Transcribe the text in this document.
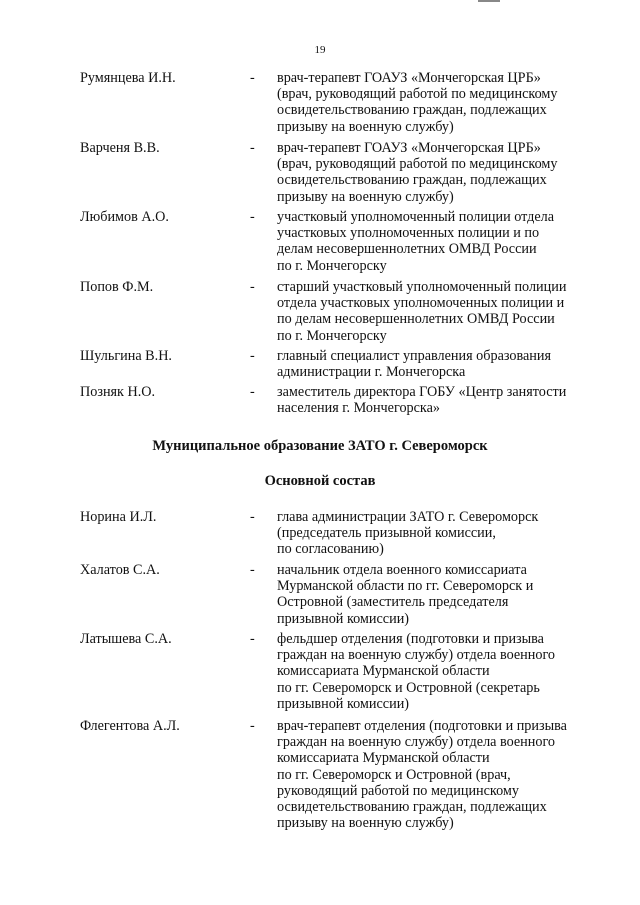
19
Румянцева И.Н.	-	врач-терапевт ГОАУЗ «Мончегорская ЦРБ»
(врач, руководящий работой по медицинскому
освидетельствованию граждан, подлежащих
призыву на военную службу)
Варченя В.В.	-	врач-терапевт ГОАУЗ «Мончегорская ЦРБ»
(врач, руководящий работой по медицинскому
освидетельствованию граждан, подлежащих
призыву на военную службу)
Любимов А.О.	-	участковый уполномоченный полиции отдела
участковых уполномоченных полиции и по
делам несовершеннолетних ОМВД России
по г. Мончегорску
Попов Ф.М.	-	старший участковый уполномоченный полиции
отдела участковых уполномоченных полиции и
по делам несовершеннолетних ОМВД России
по г. Мончегорску
Шульгина В.Н.	-	главный специалист управления образования
администрации г. Мончегорска
Позняк Н.О.	-	заместитель директора ГОБУ «Центр занятости
населения г. Мончегорска»
Муниципальное образование ЗАТО г. Североморск
Основной состав
Норина И.Л.	-	глава администрации ЗАТО г. Североморск
(председатель призывной комиссии,
по согласованию)
Халатов С.А.	-	начальник отдела военного комиссариата
Мурманской области по гг. Североморск и
Островной (заместитель председателя
призывной комиссии)
Латышева С.А.	-	фельдшер отделения (подготовки и призыва
граждан на военную службу) отдела военного
комиссариата Мурманской области
по гг. Североморск и Островной (секретарь
призывной комиссии)
Флегентова А.Л.	-	врач-терапевт отделения (подготовки и призыва
граждан на военную службу) отдела военного
комиссариата Мурманской области
по гг. Североморск и Островной (врач,
руководящий работой по медицинскому
освидетельствованию граждан, подлежащих
призыву на военную службу)
